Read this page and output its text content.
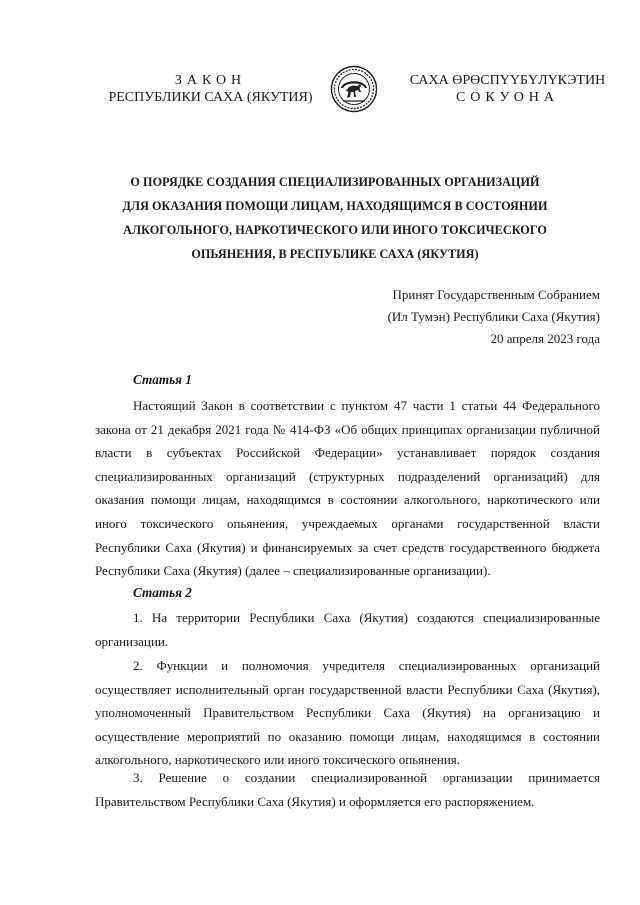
ЗАКОН
РЕСПУБЛИКИ САХА (ЯКУТИЯ)
САХА ӨРӨСПҮҮБҮЛҮКЭТИН
СОКУОНА
О ПОРЯДКЕ СОЗДАНИЯ СПЕЦИАЛИЗИРОВАННЫХ ОРГАНИЗАЦИЙ
ДЛЯ ОКАЗАНИЯ ПОМОЩИ ЛИЦАМ, НАХОДЯЩИМСЯ В СОСТОЯНИИ
АЛКОГОЛЬНОГО, НАРКОТИЧЕСКОГО ИЛИ ИНОГО ТОКСИЧЕСКОГО
ОПЬЯНЕНИЯ, В РЕСПУБЛИКЕ САХА (ЯКУТИЯ)
Принят Государственным Собранием
(Ил Тумэн) Республики Саха (Якутия)
20 апреля 2023 года
Статья 1
Настоящий Закон в соответствии с пунктом 47 части 1 статьи 44 Федерального закона от 21 декабря 2021 года № 414-ФЗ «Об общих принципах организации публичной власти в субъектах Российской Федерации» устанавливает порядок создания специализированных организаций (структурных подразделений организаций) для оказания помощи лицам, находящимся в состоянии алкогольного, наркотического или иного токсического опьянения, учреждаемых органами государственной власти Республики Саха (Якутия) и финансируемых за счет средств государственного бюджета Республики Саха (Якутия) (далее – специализированные организации).
Статья 2
1. На территории Республики Саха (Якутия) создаются специализированные организации.
2. Функции и полномочия учредителя специализированных организаций осуществляет исполнительный орган государственной власти Республики Саха (Якутия), уполномоченный Правительством Республики Саха (Якутия) на организацию и осуществление мероприятий по оказанию помощи лицам, находящимся в состоянии алкогольного, наркотического или иного токсического опьянения.
3. Решение о создании специализированной организации принимается Правительством Республики Саха (Якутия) и оформляется его распоряжением.
